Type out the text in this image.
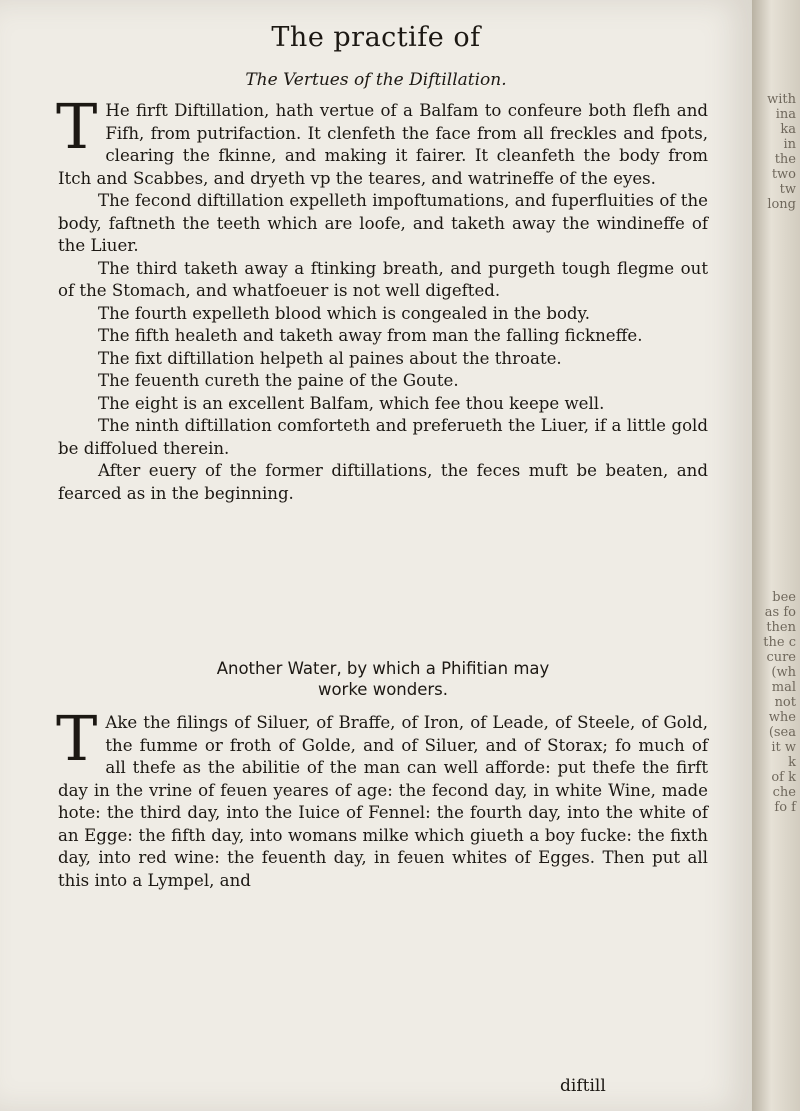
The practife of
The Vertues of the Diftillation.

T He firft Diftillation, hath vertue of a Balfam to confeure both flefh and Fifh, from putrifaction. It clenfeth the face from all freckles and fpots, clearing the fkinne, and making it fairer. It cleanfeth the body from Itch and Scabbes, and dryeth vp the teares, and watrineffe of the eyes.

The fecond diftillation expelleth impoftumations, and fuperfluities of the body, faftneth the teeth which are loofe, and taketh away the windineffe of the Liuer.

The third taketh away a ftinking breath, and purgeth tough flegme out of the Stomach, and whatfoeuer is not well digefted.

The fourth expelleth blood which is congealed in the body.

The fifth healeth and taketh away from man the falling fickneffe.

The fixt diftillation helpeth al paines about the throate.

The feuenth cureth the paine of the Goute.

The eight is an excellent Balfam, which fee thou keepe well.

The ninth diftillation comforteth and preferueth the Liuer, if a little gold be diffolued therein.

After euery of the former diftillations, the feces muft be beaten, and fearced as in the beginning.

Another Water, by which a Phifitian may
worke wonders.

T Ake the filings of Siluer, of Braffe, of Iron, of Leade, of Steele, of Gold, the fumme or froth of Golde, and of Siluer, and of Storax; fo much of all thefe as the abilitie of the man can well afforde: put thefe the firft day in the vrine of feuen yeares of age: the fecond day, in white Wine, made hote: the third day, into the Iuice of Fennel: the fourth day, into the white of an Egge: the fifth day, into womans milke which giueth a boy fucke: the fixth day, into red wine: the feuenth day, in feuen whites of Egges. Then put all this into a Lympel, and

diftill
with
ina ka
in the
two tw
long
bee
as fo
then
the c
cure
(wh
mal
not
whe
(sea
it w
k
of k
che
fo f
